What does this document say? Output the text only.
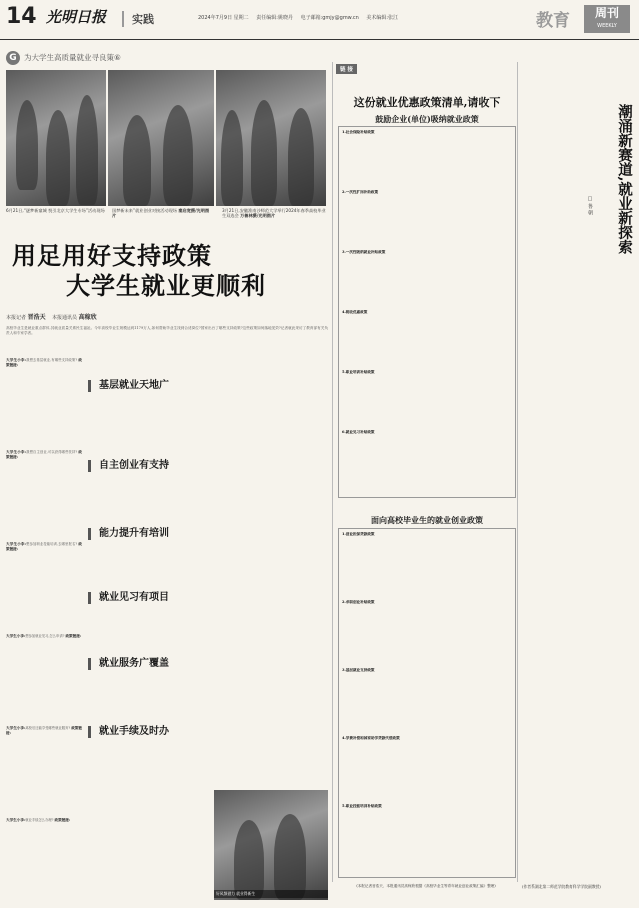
14 光明日报	实践	2024年7月9日 星期二 责任编辑:姚晓丹 电子邮箱:gmjy@gmw.cn 美术编辑:张江	教育	周刊
WEEKLY
G 为大学生高质量就业寻良策⑥
6月21日,“逐梦新童城 悦引北京大学生专场”活动现场 国梦新未来”就业创业对接活动现场 秦启宽摄/光明图片
3月21日,安徽淮南沙师范大学举行2024年春季高校毕业生双选会 万兽林摄/光明图片
用足用好支持政策
大学生就业更顺利
本报记者 晋浩天 本报通讯员 高稼欣
高校毕业生是就业重点群体,其就业质量关系民生福祉。今年高校毕业生规模达到1179万人,如何帮助毕业生找到合适岗位?国家出台了哪些支持政策?这些政策如何落地见效?记者就此采访了教育部有关负责人和专家学者。
大学生小李:我想去基层就业,有哪些支持政策? 政策链接:
大学生小李:我想自主创业,可以获得哪些扶持? 政策链接:
大学生小李:想参加职业技能培训,去哪里报名? 政策链接:
大学生小李:想参加就业见习,怎么申请? 政策链接:
大学生小李:离校后还能享受哪些就业服务? 政策链接:
大学生小李:就业手续怎么办理? 政策链接:
基层就业天地广
自主创业有支持
能力提升有培训
就业见习有项目
就业服务广覆盖
就业手续及时办
链 接
这份就业优惠政策清单,请收下
鼓励企业(单位)吸纳就业政策
1.社会保险补贴政策
2.一次性扩岗补助政策
3.一次性吸纳就业补贴政策
4.税收优惠政策
5.职业培训补贴政策
6.就业见习补贴政策
面向高校毕业生的就业创业政策
1.创业担保贷款政策
2.求职创业补贴政策
3.基层就业支持政策
4.学费补偿和国家助学贷款代偿政策
5.职业技能培训补贴政策
(本报记者晋浩天、本报通讯员高稼欣根据《高校毕业生等青年就业创业政策汇编》整理)
潮涌新赛道,就业新探索
□ 鲁 朝
(作者系湖北第二师范学院教育科学学院副教授)
好风频借力 就业得新生
